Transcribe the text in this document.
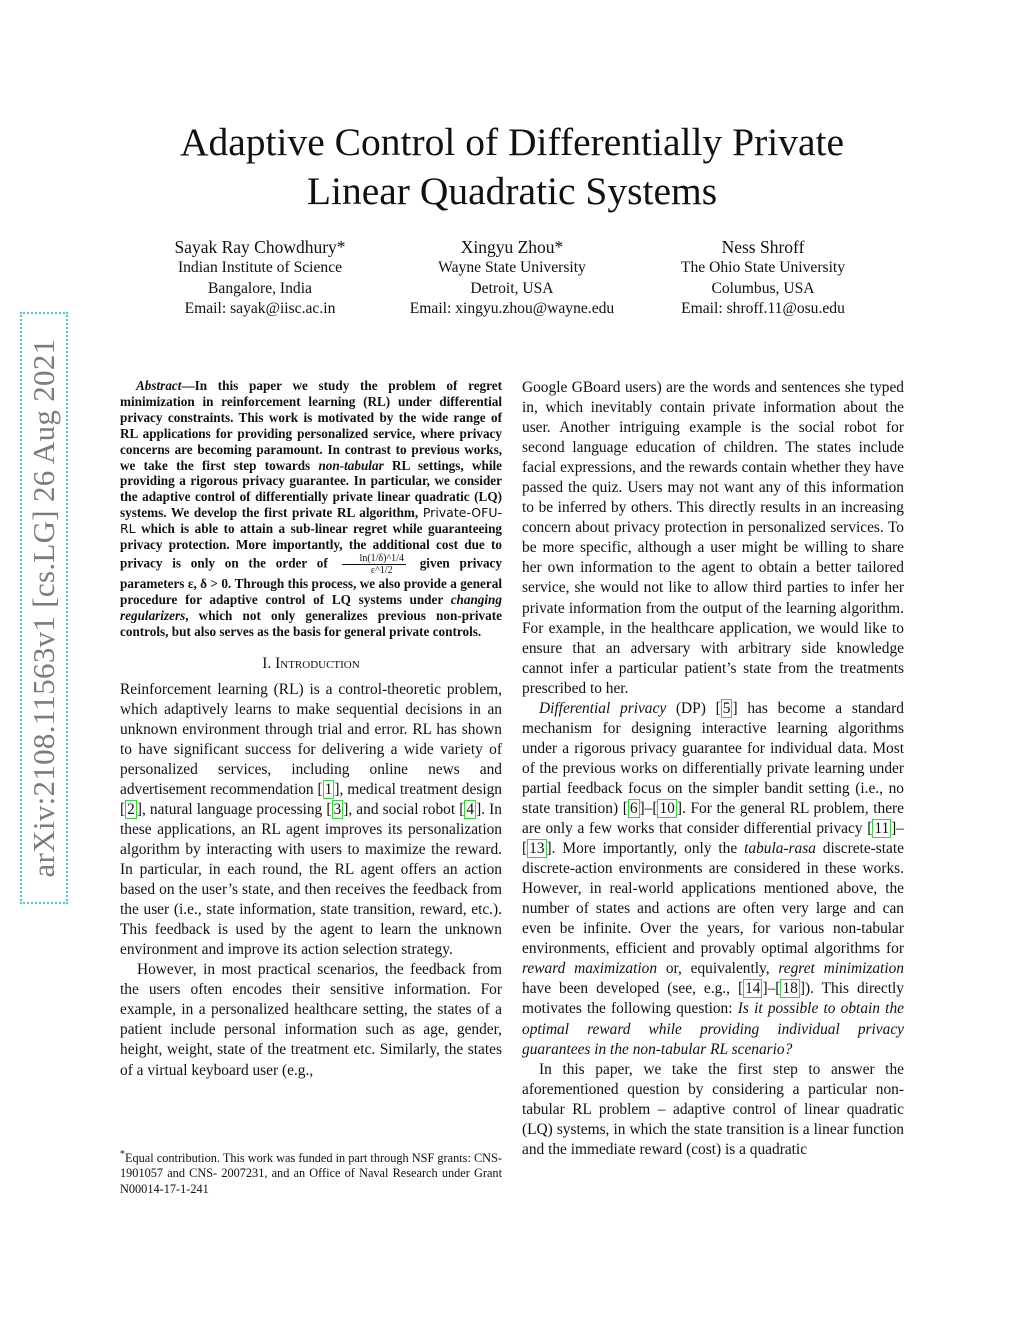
arXiv:2108.11563v1 [cs.LG] 26 Aug 2021
Adaptive Control of Differentially Private
Linear Quadratic Systems
Sayak Ray Chowdhury*
Indian Institute of Science
Bangalore, India
Email: sayak@iisc.ac.in
Xingyu Zhou*
Wayne State University
Detroit, USA
Email: xingyu.zhou@wayne.edu
Ness Shroff
The Ohio State University
Columbus, USA
Email: shroff.11@osu.edu

Abstract—In this paper we study the problem of regret minimization in reinforcement learning (RL) under differential privacy constraints. This work is motivated by the wide range of RL applications for providing personalized service, where privacy concerns are becoming paramount. In contrast to previous works, we take the first step towards non-tabular RL settings, while providing a rigorous privacy guarantee. In particular, we consider the adaptive control of differentially private linear quadratic (LQ) systems. We develop the first private RL algorithm, Private-OFU-RL which is able to attain a sub-linear regret while guaranteeing privacy protection. More importantly, the additional cost due to privacy is only on the order of $\frac{\ln(1/\delta)\^{}1/4}{\varepsilon\^{}1/2}$ given privacy parameters ε, δ > 0. Through this process, we also provide a general procedure for adaptive control of LQ systems under changing regularizers, which not only generalizes previous non-private controls, but also serves as the basis for general private controls.

I. Introduction

Reinforcement learning (RL) is a control-theoretic problem, which adaptively learns to make sequential decisions in an unknown environment through trial and error. RL has shown to have significant success for delivering a wide variety of personalized services, including online news and advertisement recommendation [ 1 ], medical treatment design [ 2 ], natural language processing [ 3 ], and social robot [ 4 ]. In these applications, an RL agent improves its personalization algorithm by interacting with users to maximize the reward. In particular, in each round, the RL agent offers an action based on the user’s state, and then receives the feedback from the user (i.e., state information, state transition, reward, etc.). This feedback is used by the agent to learn the unknown environment and improve its action selection strategy.

However, in most practical scenarios, the feedback from the users often encodes their sensitive information. For example, in a personalized healthcare setting, the states of a patient include personal information such as age, gender, height, weight, state of the treatment etc. Similarly, the states of a virtual keyboard user (e.g.,

*Equal contribution. This work was funded in part through NSF grants: CNS-1901057 and CNS- 2007231, and an Office of Naval Research under Grant N00014-17-1-241

Google GBoard users) are the words and sentences she typed in, which inevitably contain private information about the user. Another intriguing example is the social robot for second language education of children. The states include facial expressions, and the rewards contain whether they have passed the quiz. Users may not want any of this information to be inferred by others. This directly results in an increasing concern about privacy protection in personalized services. To be more specific, although a user might be willing to share her own information to the agent to obtain a better tailored service, she would not like to allow third parties to infer her private information from the output of the learning algorithm. For example, in the healthcare application, we would like to ensure that an adversary with arbitrary side knowledge cannot infer a particular patient’s state from the treatments prescribed to her.

Differential privacy (DP) [ 5 ] has become a standard mechanism for designing interactive learning algorithms under a rigorous privacy guarantee for individual data. Most of the previous works on differentially private learning under partial feedback focus on the simpler bandit setting (i.e., no state transition) [ 6 ]–[ 10 ]. For the general RL problem, there are only a few works that consider differential privacy [ 11 ]–[ 13 ]. More importantly, only the tabula-rasa discrete-state discrete-action environments are considered in these works. However, in real-world applications mentioned above, the number of states and actions are often very large and can even be infinite. Over the years, for various non-tabular environments, efficient and provably optimal algorithms for reward maximization or, equivalently, regret minimization have been developed (see, e.g., [ 14 ]–[ 18 ]). This directly motivates the following question: Is it possible to obtain the optimal reward while providing individual privacy guarantees in the non-tabular RL scenario?

In this paper, we take the first step to answer the aforementioned question by considering a particular non-tabular RL problem – adaptive control of linear quadratic (LQ) systems, in which the state transition is a linear function and the immediate reward (cost) is a quadratic
